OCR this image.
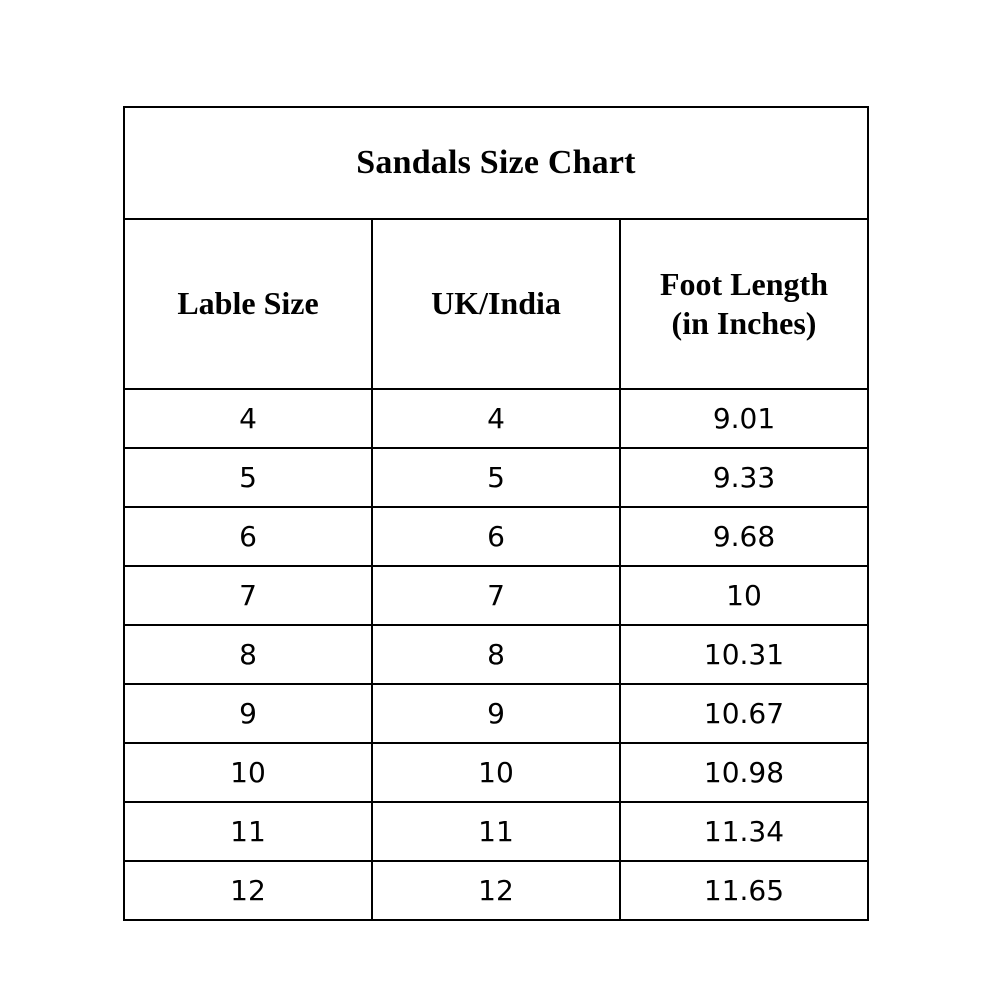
Sandals Size Chart		

Lable Size	UK/India	Foot Length
(in Inches)

4	4	9.01
5	5	9.33
6	6	9.68
7	7	10
8	8	10.31
9	9	10.67
10	10	10.98
11	11	11.34
12	12	11.65
